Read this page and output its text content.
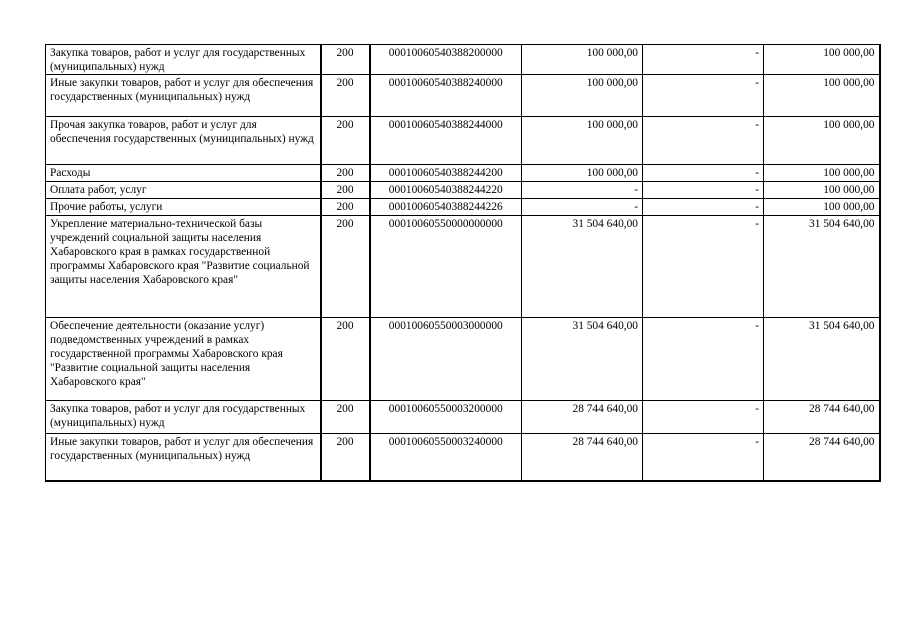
Закупка товаров, работ и услуг для государственных (муниципальных) нужд	200	00010060540388200000	100 000,00	-	100 000,00
Иные закупки товаров, работ и услуг для обеспечения государственных (муниципальных) нужд	200	00010060540388240000	100 000,00	-	100 000,00
Прочая закупка товаров, работ и услуг для обеспечения государственных (муниципальных) нужд	200	00010060540388244000	100 000,00	-	100 000,00
Расходы	200	00010060540388244200	100 000,00	-	100 000,00
Оплата работ, услуг	200	00010060540388244220	-	-	100 000,00
Прочие работы, услуги	200	00010060540388244226	-	-	100 000,00
Укрепление материально-технической базы учреждений социальной защиты населения Хабаровского края в рамках государственной программы Хабаровского края "Развитие социальной защиты населения Хабаровского края"	200	00010060550000000000	31 504 640,00	-	31 504 640,00
Обеспечение деятельности (оказание услуг) подведомственных учреждений в рамках государственной программы Хабаровского края "Развитие социальной защиты населения Хабаровского края"	200	00010060550003000000	31 504 640,00	-	31 504 640,00
Закупка товаров, работ и услуг для государственных (муниципальных) нужд	200	00010060550003200000	28 744 640,00	-	28 744 640,00
Иные закупки товаров, работ и услуг для обеспечения государственных (муниципальных) нужд	200	00010060550003240000	28 744 640,00	-	28 744 640,00
